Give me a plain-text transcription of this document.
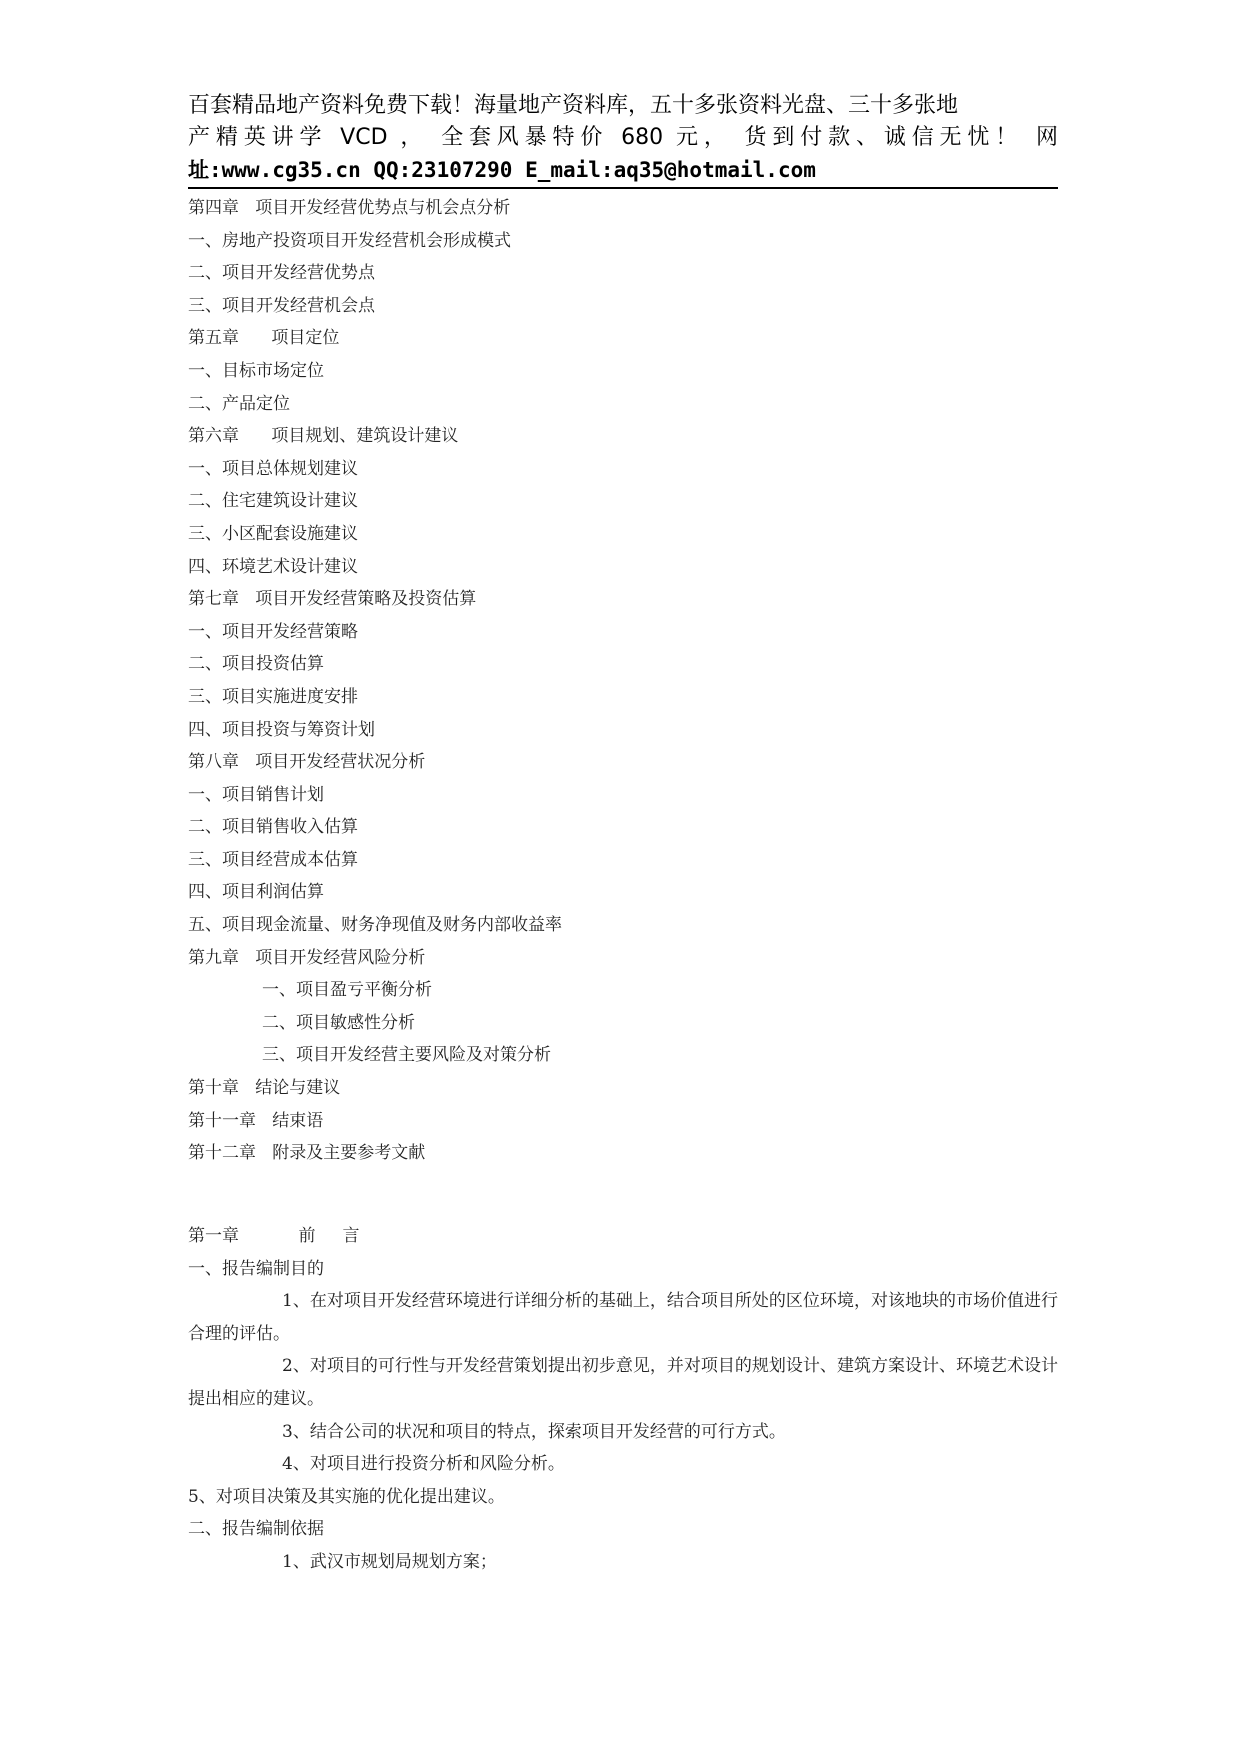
百套精品地产资料免费下载！海量地产资料库，五十多张资料光盘、三十多张地
产精英讲学 VCD ， 全套风暴特价 680 元， 货到付款、诚信无忧！ 网
址:www.cg35.cn QQ:23107290 E_mail:aq35@hotmail.com
第四章   项目开发经营优势点与机会点分析
一、房地产投资项目开发经营机会形成模式
二、项目开发经营优势点
三、项目开发经营机会点
第五章      项目定位
一、目标市场定位
二、产品定位
第六章      项目规划、建筑设计建议
一、项目总体规划建议
二、住宅建筑设计建议
三、小区配套设施建议
四、环境艺术设计建议
第七章   项目开发经营策略及投资估算
一、项目开发经营策略
二、项目投资估算
三、项目实施进度安排
四、项目投资与筹资计划
第八章   项目开发经营状况分析
一、项目销售计划
二、项目销售收入估算
三、项目经营成本估算
四、项目利润估算
五、项目现金流量、财务净现值及财务内部收益率
第九章   项目开发经营风险分析
一、项目盈亏平衡分析
二、项目敏感性分析
三、项目开发经营主要风险及对策分析
第十章   结论与建议
第十一章   结束语
第十二章   附录及主要参考文献
第一章           前     言
一、报告编制目的
1、在对项目开发经营环境进行详细分析的基础上，结合项目所处的区位环境，对该地块的市场价值进行合理的评估。
2、对项目的可行性与开发经营策划提出初步意见，并对项目的规划设计、建筑方案设计、环境艺术设计提出相应的建议。
3、结合公司的状况和项目的特点，探索项目开发经营的可行方式。
4、对项目进行投资分析和风险分析。
5、对项目决策及其实施的优化提出建议。
二、报告编制依据
1、武汉市规划局规划方案；
